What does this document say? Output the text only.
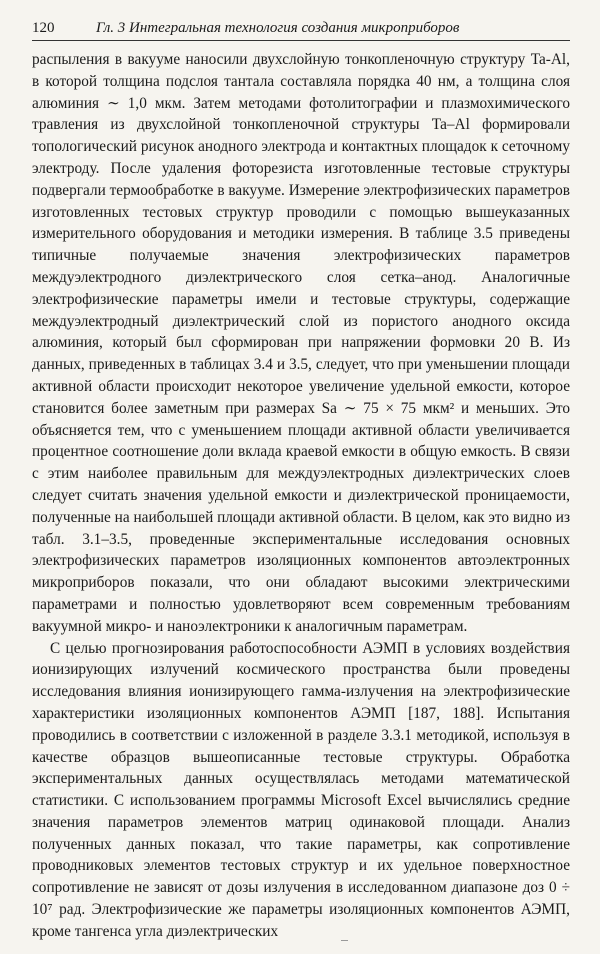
120	Гл. 3 Интегральная технология создания микроприборов

распыления в вакууме наносили двухслойную тонкопленочную структуру Ta-Al, в которой толщина подслоя тантала составляла порядка 40 нм, а толщина слоя алюминия ∼ 1,0 мкм. Затем методами фотолитографии и плазмохимического травления из двухслойной тонкопленочной структуры Ta–Al формировали топологический рисунок анодного электрода и контактных площадок к сеточному электроду. После удаления фоторезиста изготовленные тестовые структуры подвергали термообработке в вакууме. Измерение электрофизических параметров изготовленных тестовых структур проводили с помощью вышеуказанных измерительного оборудования и методики измерения. В таблице 3.5 приведены типичные получаемые значения электрофизических параметров междуэлектродного диэлектрического слоя сетка–анод. Аналогичные электрофизические параметры имели и тестовые структуры, содержащие междуэлектродный диэлектрический слой из пористого анодного оксида алюминия, который был сформирован при напряжении формовки 20 В. Из данных, приведенных в таблицах 3.4 и 3.5, следует, что при уменьшении площади активной области происходит некоторое увеличение удельной емкости, которое становится более заметным при размерах Sа ∼ 75 × 75 мкм² и меньших. Это объясняется тем, что с уменьшением площади активной области увеличивается процентное соотношение доли вклада краевой емкости в общую емкость. В связи с этим наиболее правильным для междуэлектродных диэлектрических слоев следует считать значения удельной емкости и диэлектрической проницаемости, полученные на наибольшей площади активной области. В целом, как это видно из табл. 3.1–3.5, проведенные экспериментальные исследования основных электрофизических параметров изоляционных компонентов автоэлектронных микроприборов показали, что они обладают высокими электрическими параметрами и полностью удовлетворяют всем современным требованиям вакуумной микро- и наноэлектроники к аналогичным параметрам.

С целью прогнозирования работоспособности АЭМП в условиях воздействия ионизирующих излучений космического пространства были проведены исследования влияния ионизирующего гамма-излучения на электрофизические характеристики изоляционных компонентов АЭМП [187, 188]. Испытания проводились в соответствии с изложенной в разделе 3.3.1 методикой, используя в качестве образцов вышеописанные тестовые структуры. Обработка экспериментальных данных осуществлялась методами математической статистики. С использованием программы Microsoft Excel вычислялись средние значения параметров элементов матриц одинаковой площади. Анализ полученных данных показал, что такие параметры, как сопротивление проводниковых элементов тестовых структур и их удельное поверхностное сопротивление не зависят от дозы излучения в исследованном диапазоне доз 0 ÷ 10⁷ рад. Электрофизические же параметры изоляционных компонентов АЭМП, кроме тангенса угла диэлектрических
